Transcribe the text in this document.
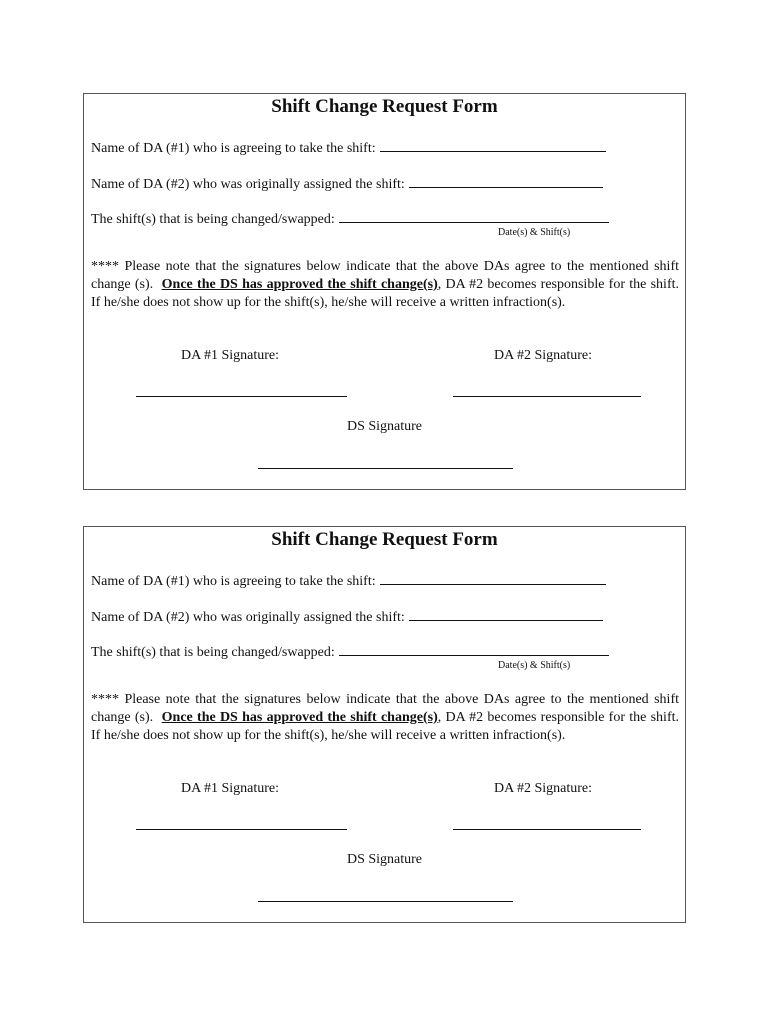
Shift Change Request Form
Name of DA (#1) who is agreeing to take the shift:
Name of DA (#2) who was originally assigned the shift:
The shift(s) that is being changed/swapped:
Date(s) & Shift(s)
**** Please note that the signatures below indicate that the above DAs agree to the mentioned shift change (s). Once the DS has approved the shift change(s), DA #2 becomes responsible for the shift. If he/she does not show up for the shift(s), he/she will receive a written infraction(s).
DA #1 Signature:	DA #2 Signature:
DS Signature
Shift Change Request Form
Name of DA (#1) who is agreeing to take the shift:
Name of DA (#2) who was originally assigned the shift:
The shift(s) that is being changed/swapped:
Date(s) & Shift(s)
**** Please note that the signatures below indicate that the above DAs agree to the mentioned shift change (s). Once the DS has approved the shift change(s), DA #2 becomes responsible for the shift. If he/she does not show up for the shift(s), he/she will receive a written infraction(s).
DA #1 Signature:	DA #2 Signature:
DS Signature
